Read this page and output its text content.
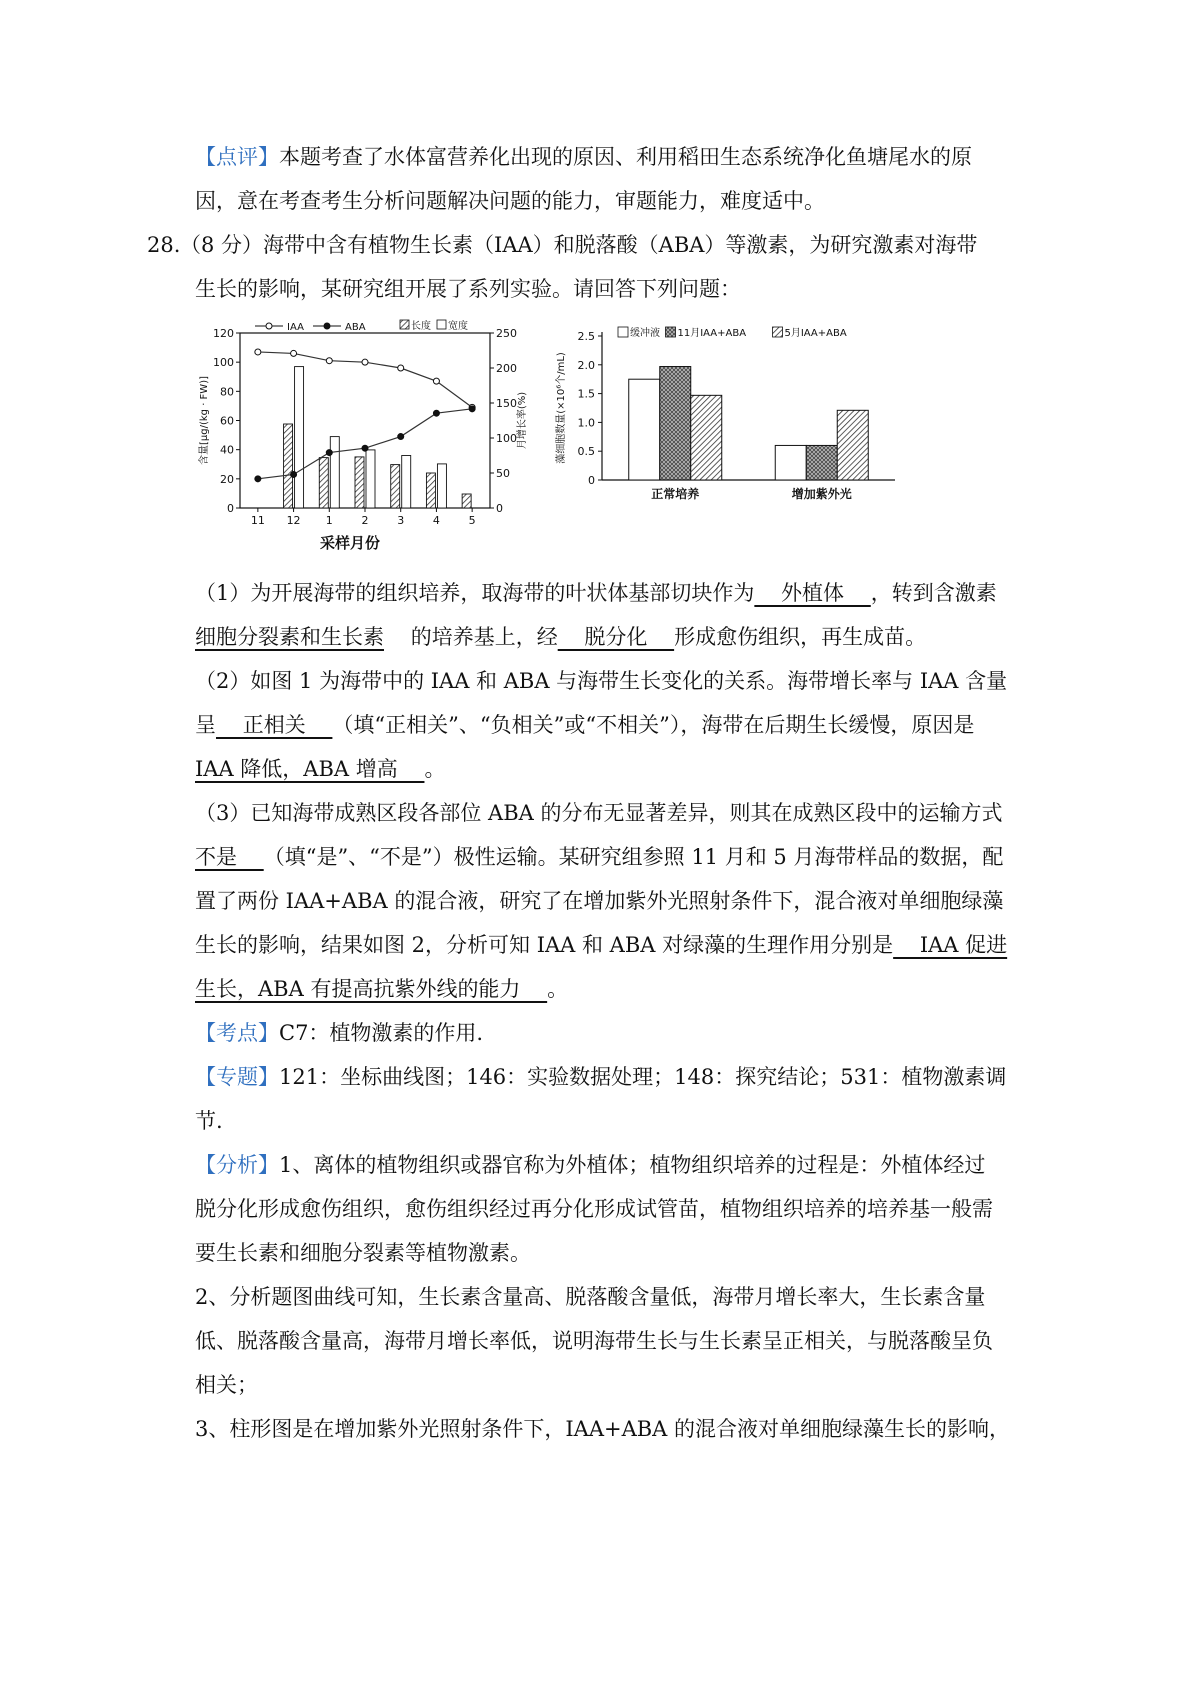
【点评】本题考查了水体富营养化出现的原因、利用稻田生态系统净化鱼塘尾水的原
因，意在考查考生分析问题解决问题的能力，审题能力，难度适中。
28. （8 分）海带中含有植物生长素（IAA）和脱落酸（ABA）等激素，为研究激素对海带
生长的影响，某研究组开展了系列实验。请回答下列问题：
0
20
40
60
80
100
120
0
50
100
150
200
250
11 12 1	2	3	4	5
IAA	ABA	长度 宽度
含量[μg/(kg · FW)]	月增长率(%)
采样月份
0
0.5
1.0
1.5
2.0
2.5
正常培养	增加紫外光
缓冲液 11月IAA+ABA	5月IAA+ABA
藻细胞数量(×10⁶个/mL)
（1）为开展海带的组织培养，取海带的叶状体基部切块作为    外植体    ，转到含激素
细胞分裂素和生长素    的培养基上，经    脱分化    形成愈伤组织，再生成苗。
（2）如图 1 为海带中的 IAA 和 ABA 与海带生长变化的关系。海带增长率与 IAA 含量
呈    正相关    （填“正相关”、“负相关”或“不相关”），海带在后期生长缓慢，原因是
IAA 降低，ABA 增高    。
（3）已知海带成熟区段各部位 ABA 的分布无显著差异，则其在成熟区段中的运输方式
不是    （填“是”、“不是”）极性运输。某研究组参照 11 月和 5 月海带样品的数据，配
置了两份 IAA+ABA 的混合液，研究了在增加紫外光照射条件下，混合液对单细胞绿藻
生长的影响，结果如图 2，分析可知 IAA 和 ABA 对绿藻的生理作用分别是    IAA 促进
生长，ABA 有提高抗紫外线的能力    。
【考点】C7：植物激素的作用.
【专题】121：坐标曲线图；146：实验数据处理；148：探究结论；531：植物激素调
节.
【分析】1、离体的植物组织或器官称为外植体；植物组织培养的过程是：外植体经过
脱分化形成愈伤组织，愈伤组织经过再分化形成试管苗，植物组织培养的培养基一般需
要生长素和细胞分裂素等植物激素。
2、分析题图曲线可知，生长素含量高、脱落酸含量低，海带月增长率大，生长素含量
低、脱落酸含量高，海带月增长率低，说明海带生长与生长素呈正相关，与脱落酸呈负
相关；
3、柱形图是在增加紫外光照射条件下，IAA+ABA 的混合液对单细胞绿藻生长的影响，
